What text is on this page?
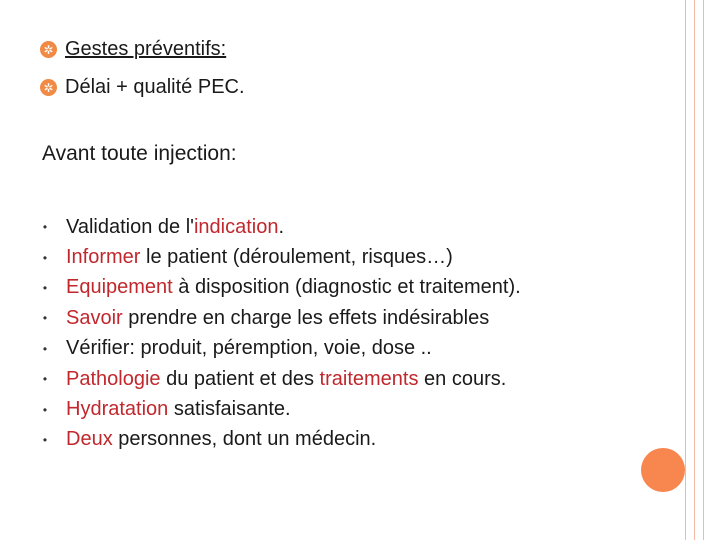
✲ Gestes préventifs:
✲ Délai + qualité PEC.
Avant toute injection:
• Validation de l'indication.
• Informer le patient (déroulement, risques…)
• Equipement à disposition (diagnostic et traitement).
• Savoir prendre en charge les effets indésirables
• Vérifier: produit, péremption, voie, dose ..
• Pathologie du patient et des traitements en cours.
• Hydratation satisfaisante.
• Deux personnes, dont un médecin.
